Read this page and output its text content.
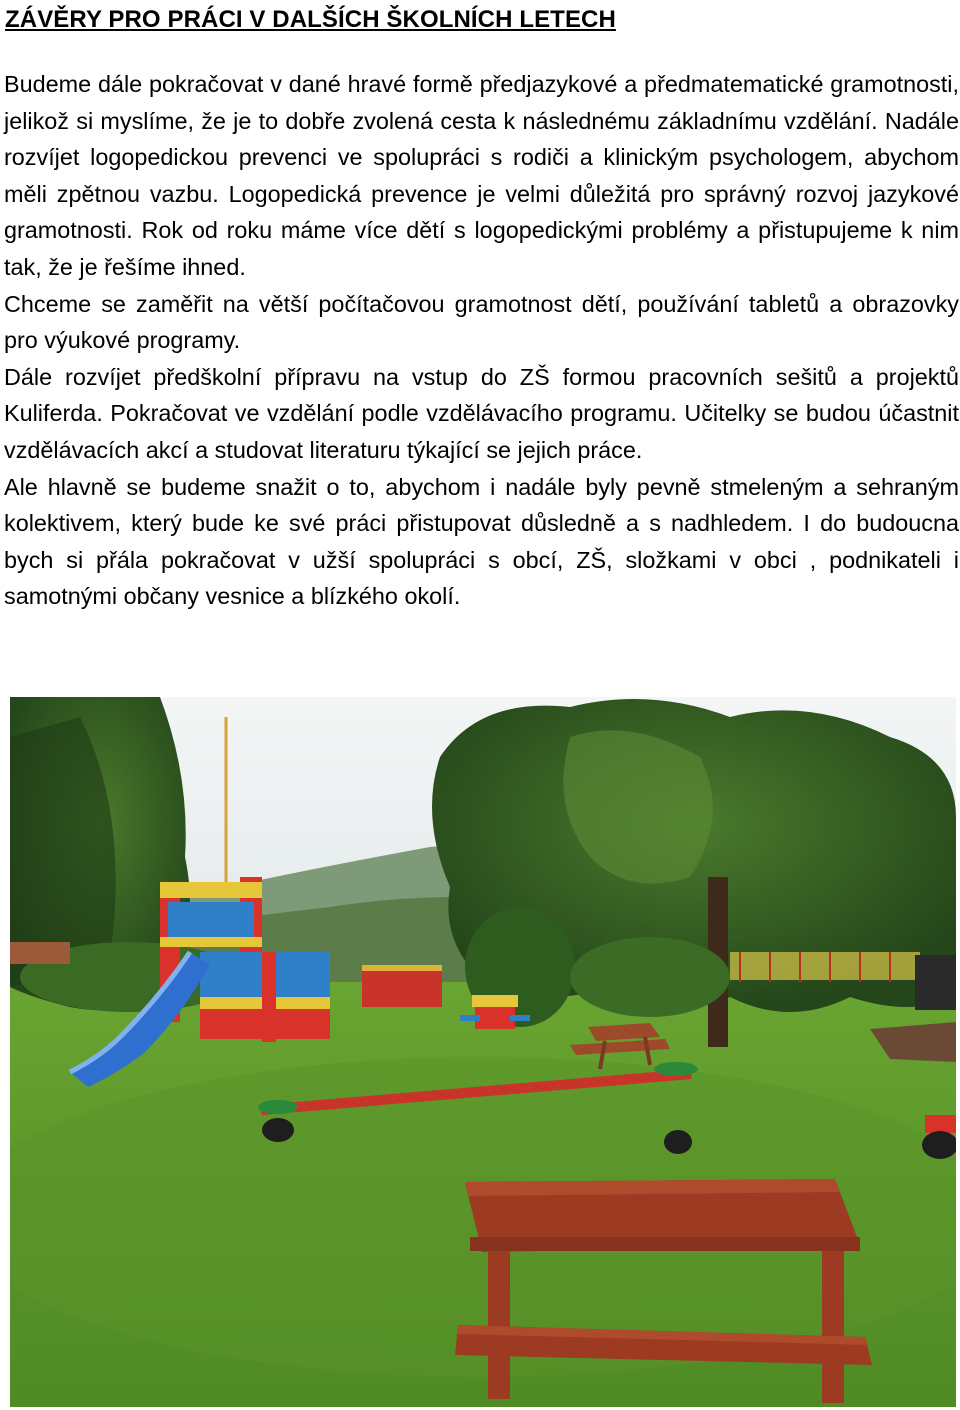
ZÁVĚRY PRO PRÁCI V DALŠÍCH ŠKOLNÍCH LETECH

Budeme dále pokračovat v dané hravé formě předjazykové a předmatematické gramotnosti, jelikož si myslíme, že je to dobře zvolená cesta k následnému základnímu vzdělání. Nadále rozvíjet logopedickou prevenci ve spolupráci s rodiči a klinickým psychologem, abychom měli zpětnou vazbu. Logopedická prevence je velmi důležitá pro správný rozvoj jazykové gramotnosti. Rok od roku máme více dětí s logopedickými problémy a přistupujeme k nim tak, že je řešíme ihned.

Chceme se zaměřit na větší počítačovou gramotnost dětí, používání tabletů a obrazovky pro výukové programy.

Dále rozvíjet předškolní přípravu na vstup do ZŠ formou pracovních sešitů a projektů Kuliferda. Pokračovat ve vzdělání podle vzdělávacího programu. Učitelky se budou účastnit vzdělávacích akcí a studovat literaturu týkající se jejich práce.

Ale hlavně se budeme snažit o to, abychom i nadále byly pevně stmeleným a sehraným kolektivem, který bude ke své práci přistupovat důsledně a s nadhledem. I do budoucna bych si přála pokračovat v užší spolupráci s obcí, ZŠ, složkami v obci , podnikateli i samotnými občany vesnice a blízkého okolí.
